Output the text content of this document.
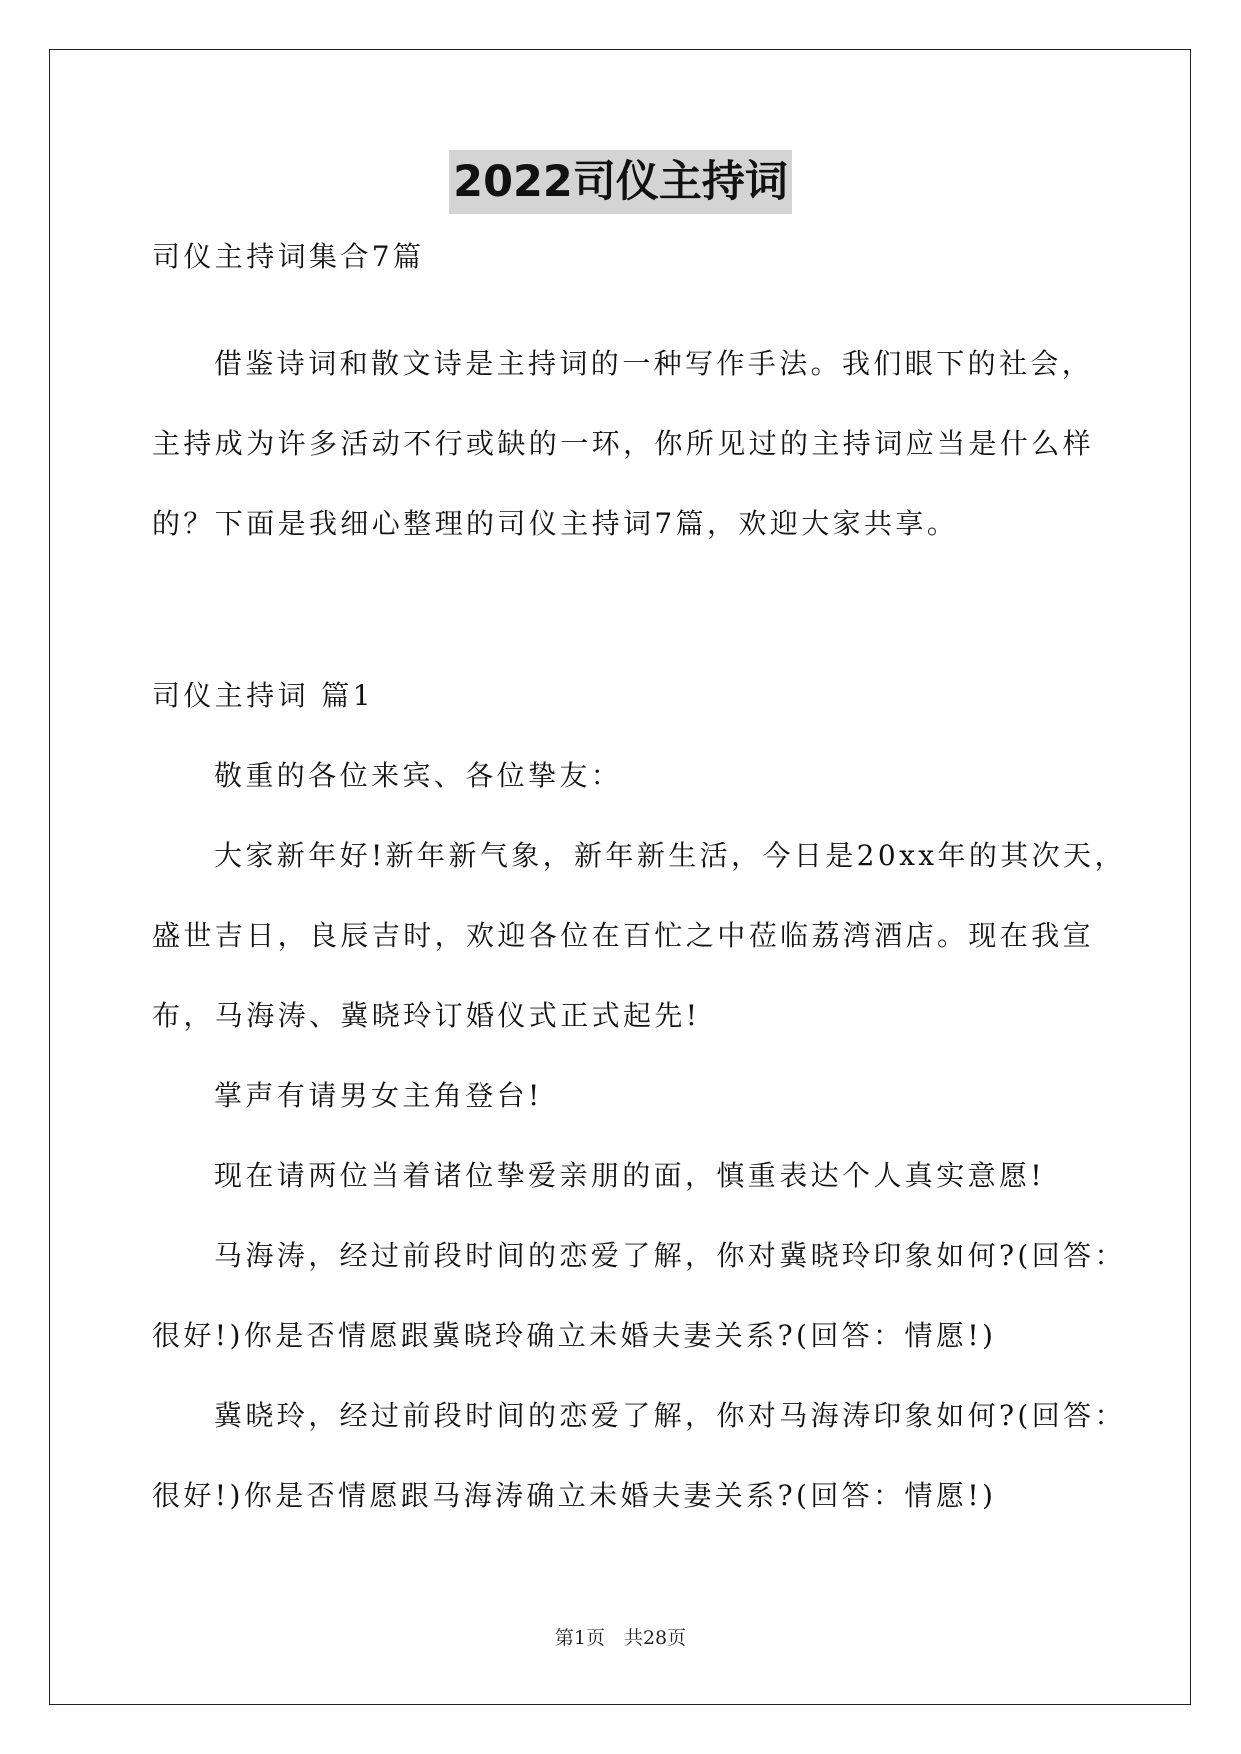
2022司仪主持词
司仪主持词集合7篇
借鉴诗词和散文诗是主持词的一种写作手法。我们眼下的社会，
主持成为许多活动不行或缺的一环，你所见过的主持词应当是什么样
的？下面是我细心整理的司仪主持词7篇，欢迎大家共享。
司仪主持词 篇1
敬重的各位来宾、各位挚友：
大家新年好!新年新气象，新年新生活，今日是20xx年的其次天，
盛世吉日，良辰吉时，欢迎各位在百忙之中莅临荔湾酒店。现在我宣
布，马海涛、冀晓玲订婚仪式正式起先!
掌声有请男女主角登台!
现在请两位当着诸位挚爱亲朋的面，慎重表达个人真实意愿!
马海涛，经过前段时间的恋爱了解，你对冀晓玲印象如何?(回答：
很好!)你是否情愿跟冀晓玲确立未婚夫妻关系?(回答：情愿!)
冀晓玲，经过前段时间的恋爱了解，你对马海涛印象如何?(回答：
很好!)你是否情愿跟马海涛确立未婚夫妻关系?(回答：情愿!)
第1页　共28页
